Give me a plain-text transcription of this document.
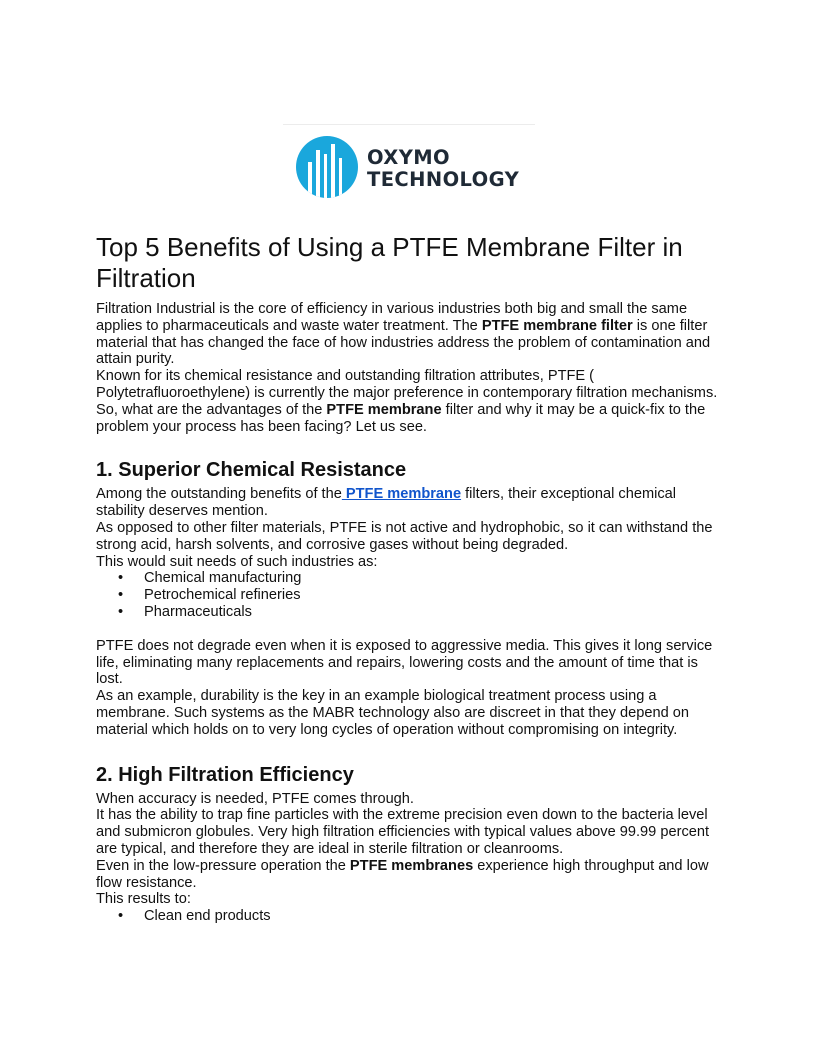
OXYMO
TECHNOLOGY
Top 5 Benefits of Using a PTFE Membrane Filter in Filtration

Filtration Industrial is the core of efficiency in various industries both big and small the same applies to pharmaceuticals and waste water treatment. The PTFE membrane filter is one filter material that has changed the face of how industries address the problem of contamination and attain purity.

Known for its chemical resistance and outstanding filtration attributes, PTFE ( Polytetrafluoroethylene) is currently the major preference in contemporary filtration mechanisms.

So, what are the advantages of the PTFE membrane filter and why it may be a quick-fix to the problem your process has been facing? Let us see.

1. Superior Chemical Resistance

Among the outstanding benefits of the PTFE membrane filters, their exceptional chemical stability deserves mention.

As opposed to other filter materials, PTFE is not active and hydrophobic, so it can withstand the strong acid, harsh solvents, and corrosive gases without being degraded.

This would suit needs of such industries as:

• Chemical manufacturing
• Petrochemical refineries
• Pharmaceuticals

PTFE does not degrade even when it is exposed to aggressive media. This gives it long service life, eliminating many replacements and repairs, lowering costs and the amount of time that is lost.

As an example, durability is the key in an example biological treatment process using a membrane. Such systems as the MABR technology also are discreet in that they depend on material which holds on to very long cycles of operation without compromising on integrity.

2. High Filtration Efficiency

When accuracy is needed, PTFE comes through.

It has the ability to trap fine particles with the extreme precision even down to the bacteria level and submicron globules. Very high filtration efficiencies with typical values above 99.99 percent are typical, and therefore they are ideal in sterile filtration or cleanrooms.

Even in the low-pressure operation the PTFE membranes experience high throughput and low flow resistance.

This results to:

• Clean end products
